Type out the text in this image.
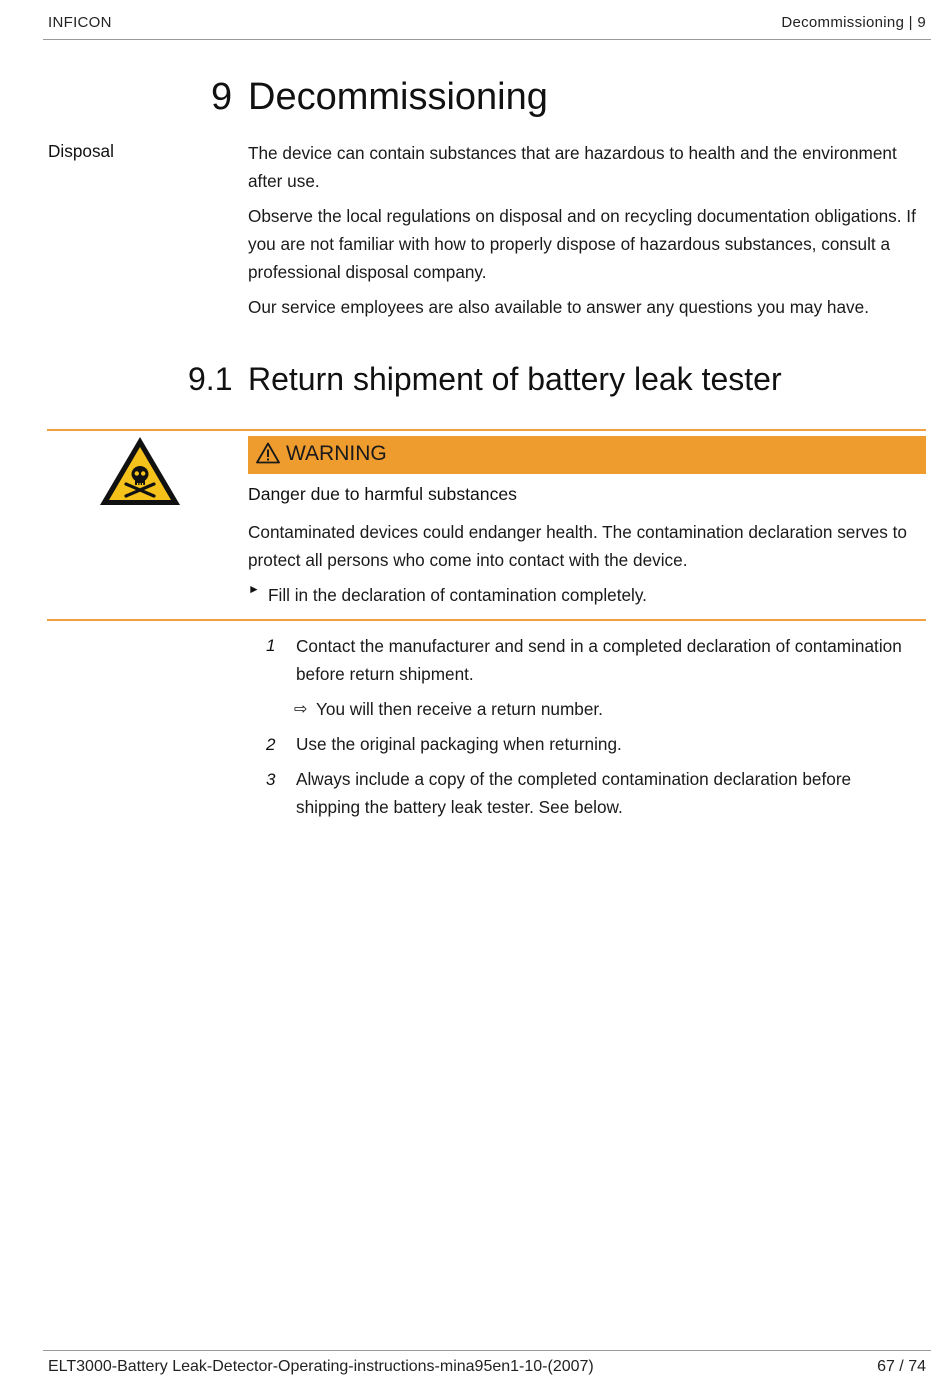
INFICON	Decommissioning | 9
9 Decommissioning
Disposal	The device can contain substances that are hazardous to health and the environment after use.
Observe the local regulations on disposal and on recycling documentation obligations. If you are not familiar with how to properly dispose of hazardous substances, consult a professional disposal company.
Our service employees are also available to answer any questions you may have.
9.1 Return shipment of battery leak tester
WARNING
Danger due to harmful substances
Contaminated devices could endanger health. The contamination declaration serves to protect all persons who come into contact with the device.
► Fill in the declaration of contamination completely.
1 Contact the manufacturer and send in a completed declaration of contamination before return shipment.
⇨ You will then receive a return number.
2 Use the original packaging when returning.
3 Always include a copy of the completed contamination declaration before shipping the battery leak tester. See below.
ELT3000-Battery Leak-Detector-Operating-instructions-mina95en1-10-(2007)	67 / 74
